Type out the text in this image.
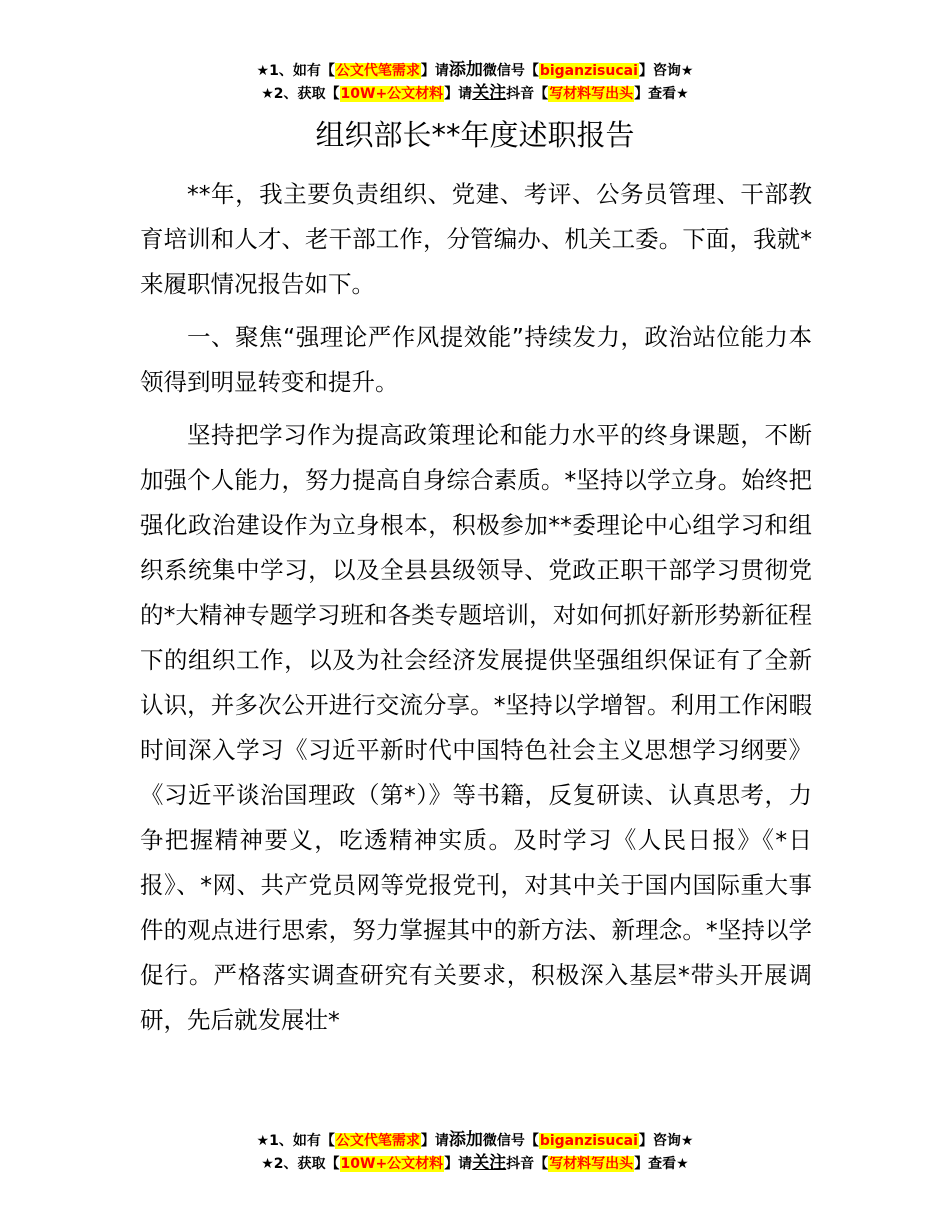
★1、如有【公文代笔需求】请添加微信号【biganzisucai】咨询★
★2、获取【10W+公文材料】请关注抖音【写材料写出头】查看★
组织部长**年度述职报告

**年，我主要负责组织、党建、考评、公务员管理、干部教育培训和人才、老干部工作，分管编办、机关工委。下面，我就*来履职情况报告如下。

一、聚焦“强理论严作风提效能”持续发力，政治站位能力本领得到明显转变和提升。

坚持把学习作为提高政策理论和能力水平的终身课题，不断加强个人能力，努力提高自身综合素质。*坚持以学立身。始终把强化政治建设作为立身根本，积极参加**委理论中心组学习和组织系统集中学习，以及全县县级领导、党政正职干部学习贯彻党的*大精神专题学习班和各类专题培训，对如何抓好新形势新征程下的组织工作，以及为社会经济发展提供坚强组织保证有了全新认识，并多次公开进行交流分享。*坚持以学增智。利用工作闲暇时间深入学习《习近平新时代中国特色社会主义思想学习纲要》《习近平谈治国理政（第*）》等书籍，反复研读、认真思考，力争把握精神要义，吃透精神实质。及时学习《人民日报》《*日报》、*网、共产党员网等党报党刊，对其中关于国内国际重大事件的观点进行思索，努力掌握其中的新方法、新理念。*坚持以学促行。严格落实调查研究有关要求，积极深入基层*带头开展调研，先后就发展壮*

★1、如有【公文代笔需求】请添加微信号【biganzisucai】咨询★
★2、获取【10W+公文材料】请关注抖音【写材料写出头】查看★
